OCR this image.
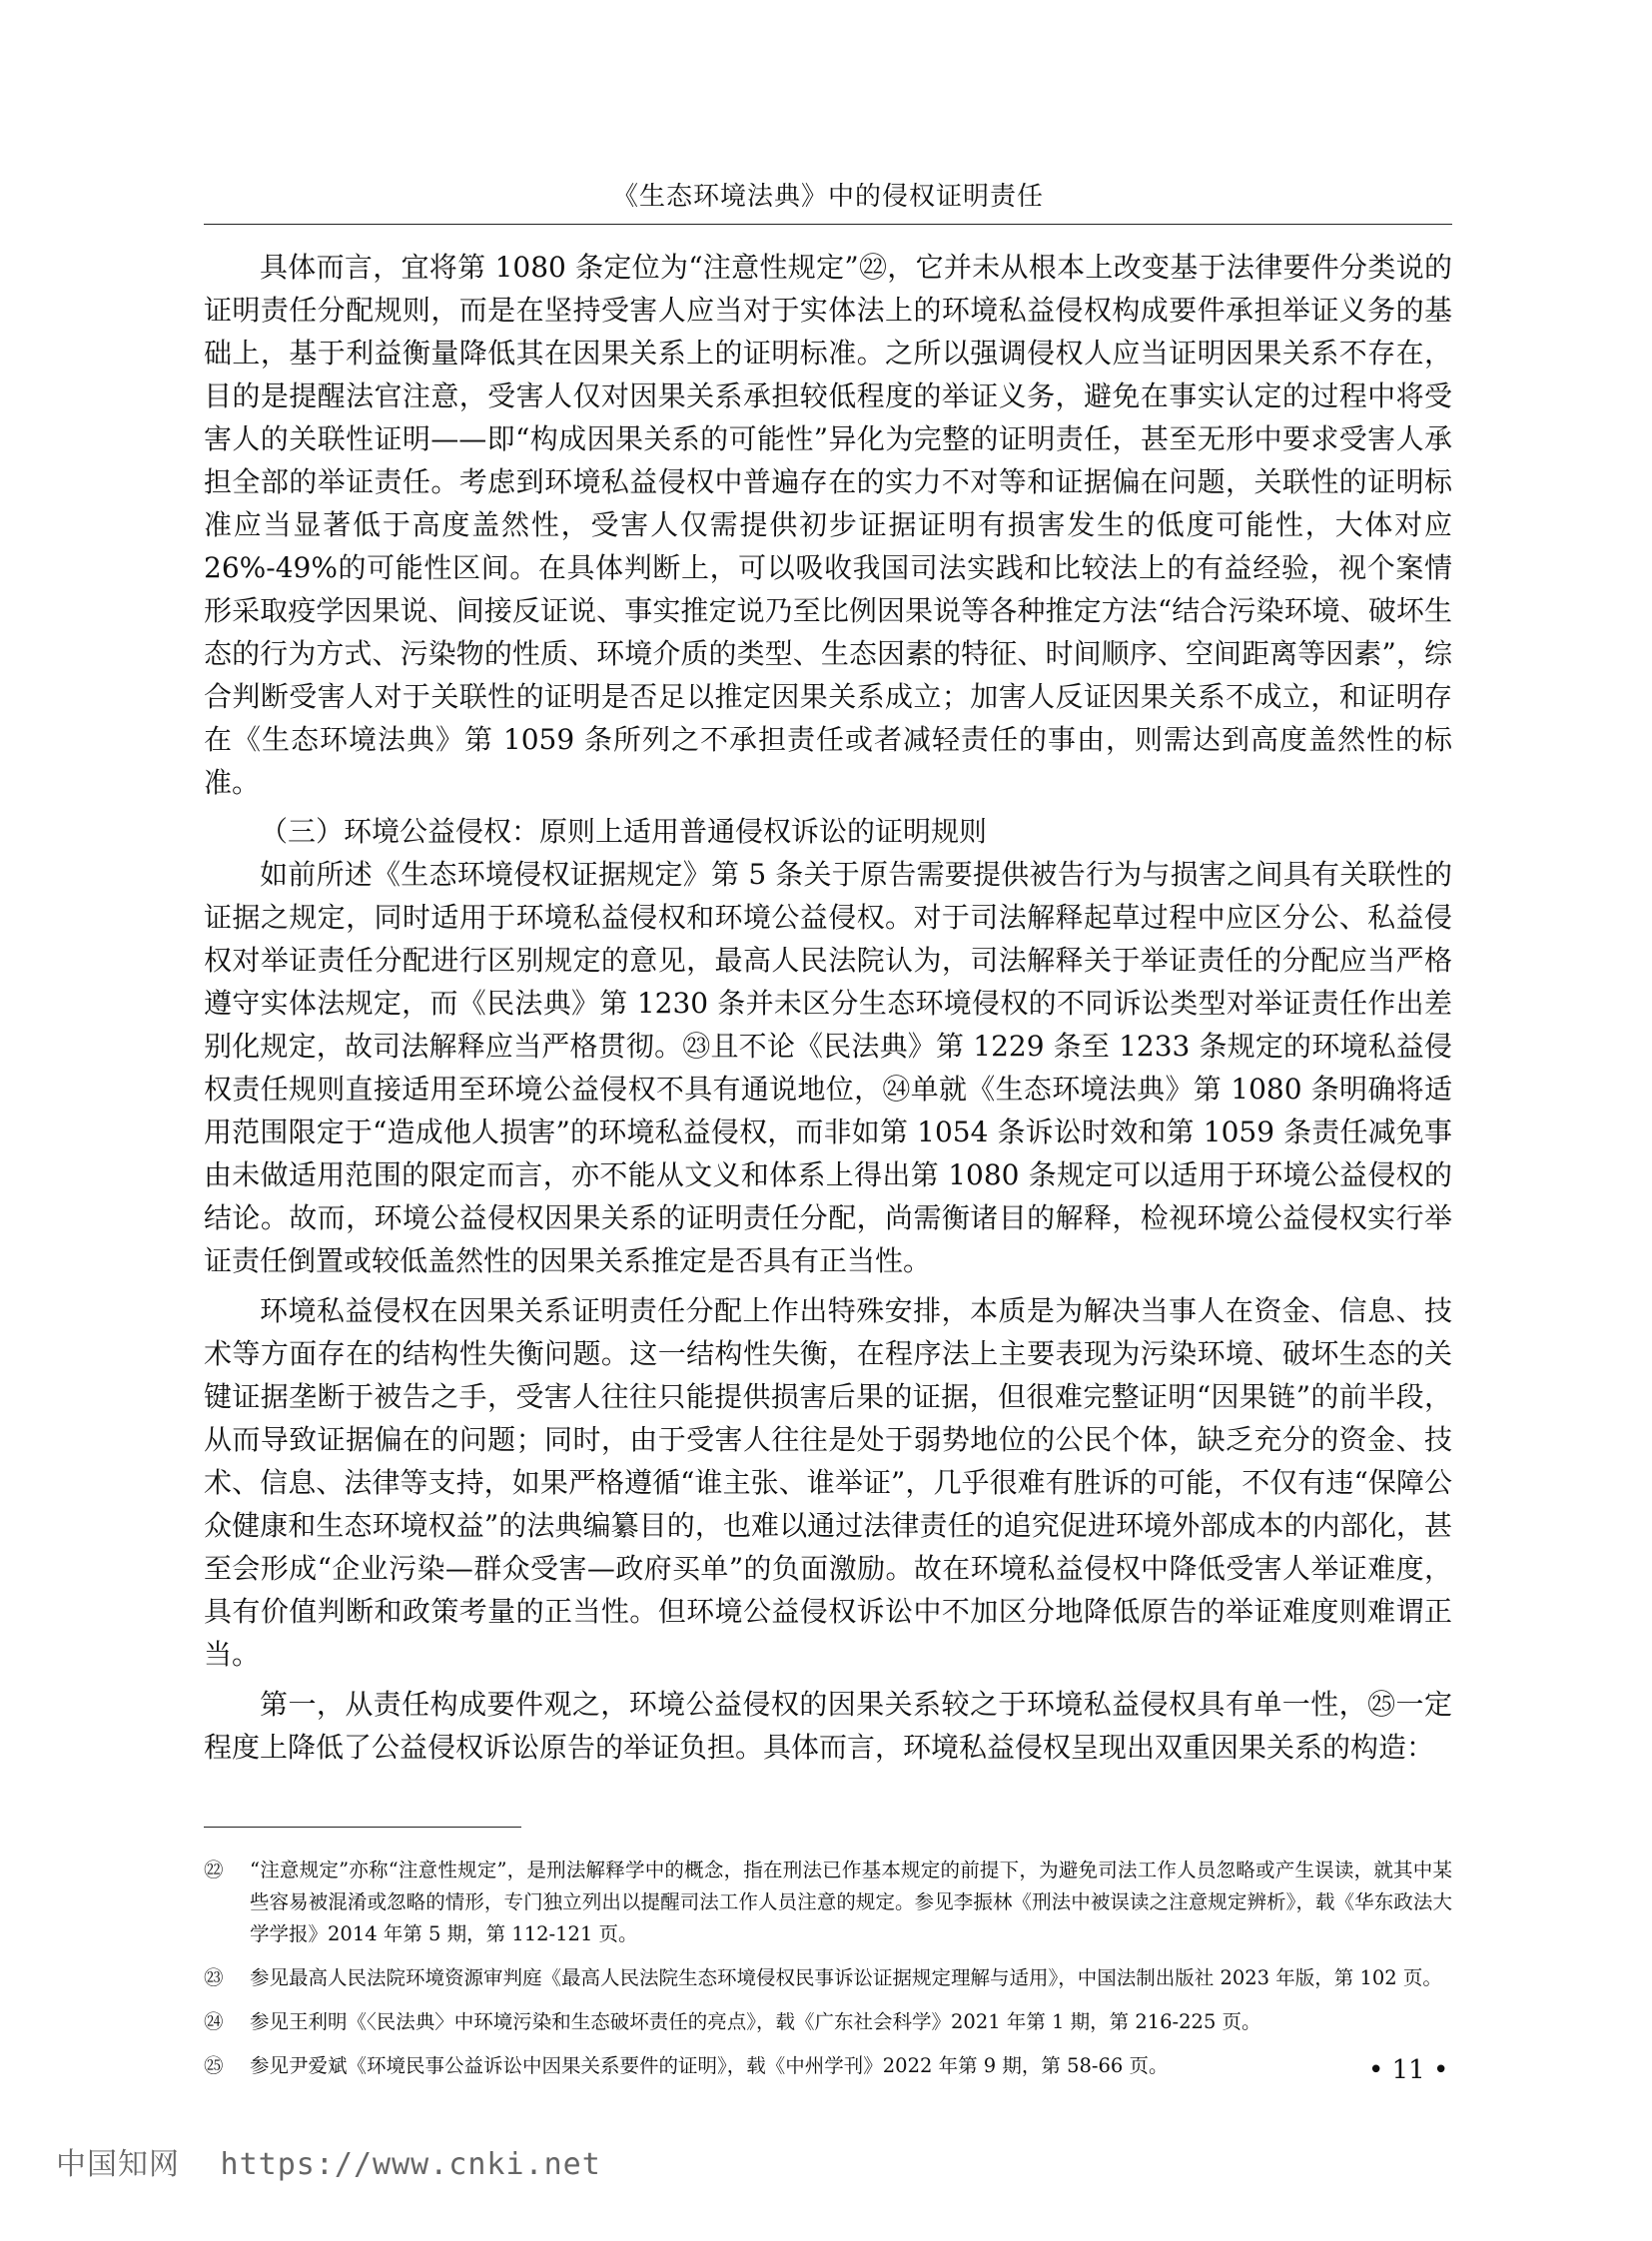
《生态环境法典》中的侵权证明责任

具体而言，宜将第 1080 条定位为“注意性规定”㉒，它并未从根本上改变基于法律要件分类说的证明责任分配规则，而是在坚持受害人应当对于实体法上的环境私益侵权构成要件承担举证义务的基础上，基于利益衡量降低其在因果关系上的证明标准。之所以强调侵权人应当证明因果关系不存在，目的是提醒法官注意，受害人仅对因果关系承担较低程度的举证义务，避免在事实认定的过程中将受害人的关联性证明——即“构成因果关系的可能性”异化为完整的证明责任，甚至无形中要求受害人承担全部的举证责任。考虑到环境私益侵权中普遍存在的实力不对等和证据偏在问题，关联性的证明标准应当显著低于高度盖然性，受害人仅需提供初步证据证明有损害发生的低度可能性，大体对应 26%-49%的可能性区间。在具体判断上，可以吸收我国司法实践和比较法上的有益经验，视个案情形采取疫学因果说、间接反证说、事实推定说乃至比例因果说等各种推定方法“结合污染环境、破坏生态的行为方式、污染物的性质、环境介质的类型、生态因素的特征、时间顺序、空间距离等因素”，综合判断受害人对于关联性的证明是否足以推定因果关系成立；加害人反证因果关系不成立，和证明存在《生态环境法典》第 1059 条所列之不承担责任或者减轻责任的事由，则需达到高度盖然性的标准。

（三）环境公益侵权：原则上适用普通侵权诉讼的证明规则

如前所述《生态环境侵权证据规定》第 5 条关于原告需要提供被告行为与损害之间具有关联性的证据之规定，同时适用于环境私益侵权和环境公益侵权。对于司法解释起草过程中应区分公、私益侵权对举证责任分配进行区别规定的意见，最高人民法院认为，司法解释关于举证责任的分配应当严格遵守实体法规定，而《民法典》第 1230 条并未区分生态环境侵权的不同诉讼类型对举证责任作出差别化规定，故司法解释应当严格贯彻。㉓且不论《民法典》第 1229 条至 1233 条规定的环境私益侵权责任规则直接适用至环境公益侵权不具有通说地位，㉔单就《生态环境法典》第 1080 条明确将适用范围限定于“造成他人损害”的环境私益侵权，而非如第 1054 条诉讼时效和第 1059 条责任减免事由未做适用范围的限定而言，亦不能从文义和体系上得出第 1080 条规定可以适用于环境公益侵权的结论。故而，环境公益侵权因果关系的证明责任分配，尚需衡诸目的解释，检视环境公益侵权实行举证责任倒置或较低盖然性的因果关系推定是否具有正当性。

环境私益侵权在因果关系证明责任分配上作出特殊安排，本质是为解决当事人在资金、信息、技术等方面存在的结构性失衡问题。这一结构性失衡，在程序法上主要表现为污染环境、破坏生态的关键证据垄断于被告之手，受害人往往只能提供损害后果的证据，但很难完整证明“因果链”的前半段，从而导致证据偏在的问题；同时，由于受害人往往是处于弱势地位的公民个体，缺乏充分的资金、技术、信息、法律等支持，如果严格遵循“谁主张、谁举证”，几乎很难有胜诉的可能，不仅有违“保障公众健康和生态环境权益”的法典编纂目的，也难以通过法律责任的追究促进环境外部成本的内部化，甚至会形成“企业污染—群众受害—政府买单”的负面激励。故在环境私益侵权中降低受害人举证难度，具有价值判断和政策考量的正当性。但环境公益侵权诉讼中不加区分地降低原告的举证难度则难谓正当。

第一，从责任构成要件观之，环境公益侵权的因果关系较之于环境私益侵权具有单一性，㉕一定程度上降低了公益侵权诉讼原告的举证负担。具体而言，环境私益侵权呈现出双重因果关系的构造：

㉒	“注意规定”亦称“注意性规定”，是刑法解释学中的概念，指在刑法已作基本规定的前提下，为避免司法工作人员忽略或产生误读，就其中某些容易被混淆或忽略的情形，专门独立列出以提醒司法工作人员注意的规定。参见李振林《刑法中被误读之注意规定辨析》，载《华东政法大学学报》2014 年第 5 期，第 112-121 页。
㉓	参见最高人民法院环境资源审判庭《最高人民法院生态环境侵权民事诉讼证据规定理解与适用》，中国法制出版社 2023 年版，第 102 页。
㉔	参见王利明《〈民法典〉中环境污染和生态破坏责任的亮点》，载《广东社会科学》2021 年第 1 期，第 216-225 页。
㉕	参见尹爱斌《环境民事公益诉讼中因果关系要件的证明》，载《中州学刊》2022 年第 9 期，第 58-66 页。	• 11 •
中国知网 https://www.cnki.net
